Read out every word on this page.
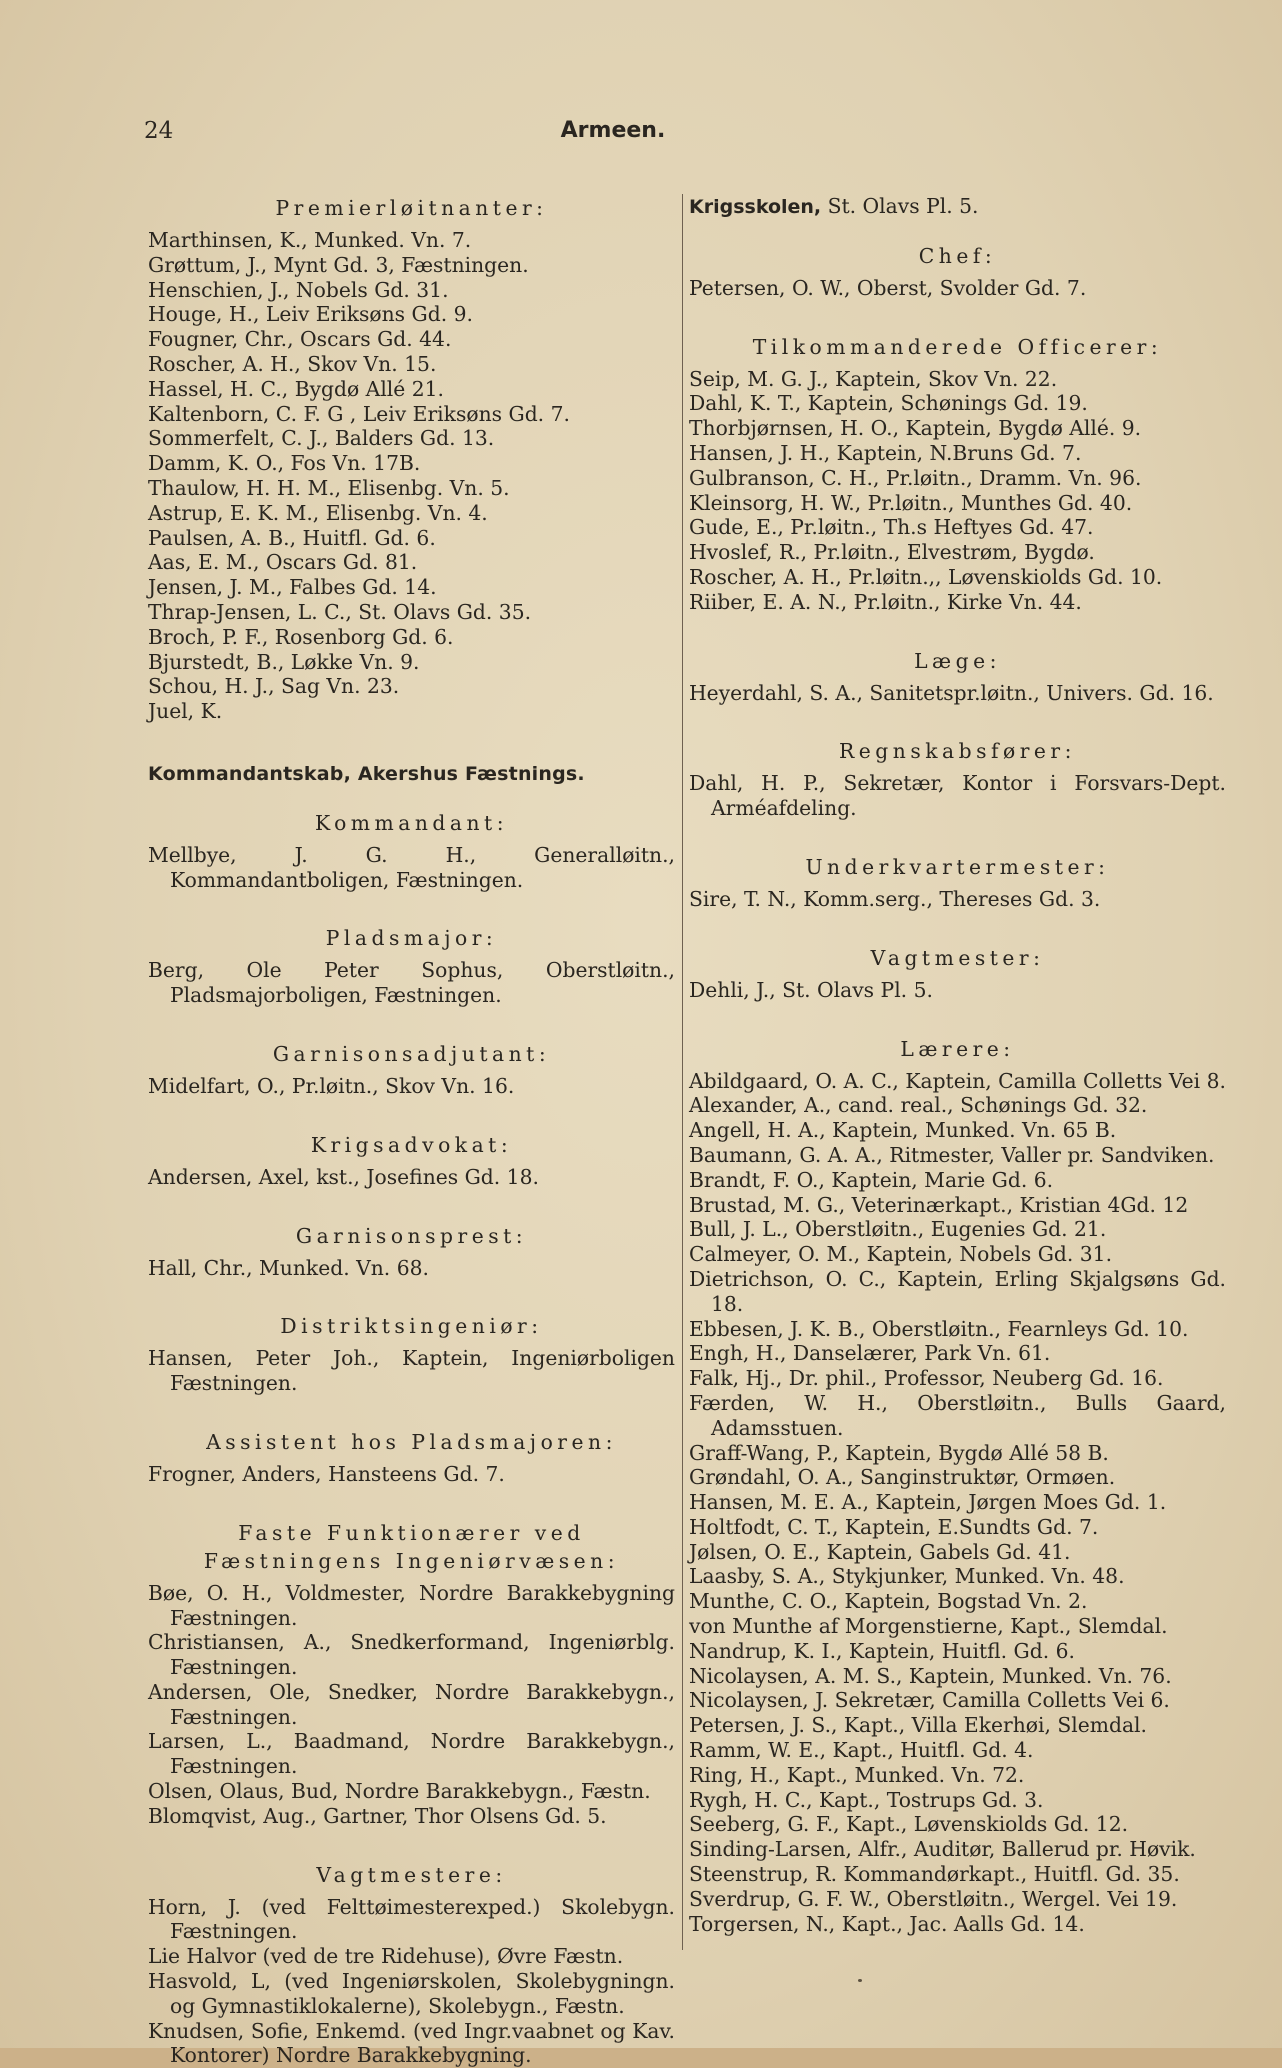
24	Armeen.
Premierløitnanter:
Marthinsen, K., Munked. Vn. 7.
Grøttum, J., Mynt Gd. 3, Fæstningen.
Henschien, J., Nobels Gd. 31.
Houge, H., Leiv Eriksøns Gd. 9.
Fougner, Chr., Oscars Gd. 44.
Roscher, A. H., Skov Vn. 15.
Hassel, H. C., Bygdø Allé 21.
Kaltenborn, C. F. G , Leiv Eriksøns Gd. 7.
Sommerfelt, C. J., Balders Gd. 13.
Damm, K. O., Fos Vn. 17B.
Thaulow, H. H. M., Elisenbg. Vn. 5.
Astrup, E. K. M., Elisenbg. Vn. 4.
Paulsen, A. B., Huitfl. Gd. 6.
Aas, E. M., Oscars Gd. 81.
Jensen, J. M., Falbes Gd. 14.
Thrap-Jensen, L. C., St. Olavs Gd. 35.
Broch, P. F., Rosenborg Gd. 6.
Bjurstedt, B., Løkke Vn. 9.
Schou, H. J., Sag Vn. 23.
Juel, K.
Kommandantskab, Akershus Fæstnings.
Kommandant:
Mellbye, J. G. H., Generalløitn., Kommandantboligen, Fæstningen.
Pladsmajor:
Berg, Ole Peter Sophus, Oberstløitn., Pladsmajorboligen, Fæstningen.
Garnisonsadjutant:
Midelfart, O., Pr.løitn., Skov Vn. 16.
Krigsadvokat:
Andersen, Axel, kst., Josefines Gd. 18.
Garnisonsprest:
Hall, Chr., Munked. Vn. 68.
Distriktsingeniør:
Hansen, Peter Joh., Kaptein, Ingeniørboligen Fæstningen.
Assistent hos Pladsmajoren:
Frogner, Anders, Hansteens Gd. 7.
Faste Funktionærer ved Fæstningens Ingeniørvæsen:
Bøe, O. H., Voldmester, Nordre Barakkebygning Fæstningen.
Christiansen, A., Snedkerformand, Ingeniørblg. Fæstningen.
Andersen, Ole, Snedker, Nordre Barakkebygn., Fæstningen.
Larsen, L., Baadmand, Nordre Barakkebygn., Fæstningen.
Olsen, Olaus, Bud, Nordre Barakkebygn., Fæstn.
Blomqvist, Aug., Gartner, Thor Olsens Gd. 5.
Vagtmestere:
Horn, J. (ved Felttøimesterexped.) Skolebygn. Fæstningen.
Lie Halvor (ved de tre Ridehuse), Øvre Fæstn.
Hasvold, L, (ved Ingeniørskolen, Skolebygningn. og Gymnastiklokalerne), Skolebygn., Fæstn.
Knudsen, Sofie, Enkemd. (ved Ingr.vaabnet og Kav. Kontorer) Nordre Barakkebygning.
Krigsskolen, St. Olavs Pl. 5.
Chef:
Petersen, O. W., Oberst, Svolder Gd. 7.
Tilkommanderede Officerer:
Seip, M. G. J., Kaptein, Skov Vn. 22.
Dahl, K. T., Kaptein, Schønings Gd. 19.
Thorbjørnsen, H. O., Kaptein, Bygdø Allé. 9.
Hansen, J. H., Kaptein, N.Bruns Gd. 7.
Gulbranson, C. H., Pr.løitn., Dramm. Vn. 96.
Kleinsorg, H. W., Pr.løitn., Munthes Gd. 40.
Gude, E., Pr.løitn., Th.s Heftyes Gd. 47.
Hvoslef, R., Pr.løitn., Elvestrøm, Bygdø.
Roscher, A. H., Pr.løitn.,, Løvenskiolds Gd. 10.
Riiber, E. A. N., Pr.løitn., Kirke Vn. 44.
Læge:
Heyerdahl, S. A., Sanitetspr.løitn., Univers. Gd. 16.
Regnskabsfører:
Dahl, H. P., Sekretær, Kontor i Forsvars-Dept. Arméafdeling.
Underkvartermester:
Sire, T. N., Komm.serg., Thereses Gd. 3.
Vagtmester:
Dehli, J., St. Olavs Pl. 5.
Lærere:
Abildgaard, O. A. C., Kaptein, Camilla Colletts Vei 8.
Alexander, A., cand. real., Schønings Gd. 32.
Angell, H. A., Kaptein, Munked. Vn. 65 B.
Baumann, G. A. A., Ritmester, Valler pr. Sandviken.
Brandt, F. O., Kaptein, Marie Gd. 6.
Brustad, M. G., Veterinærkapt., Kristian 4Gd. 12
Bull, J. L., Oberstløitn., Eugenies Gd. 21.
Calmeyer, O. M., Kaptein, Nobels Gd. 31.
Dietrichson, O. C., Kaptein, Erling Skjalgsøns Gd. 18.
Ebbesen, J. K. B., Oberstløitn., Fearnleys Gd. 10.
Engh, H., Danselærer, Park Vn. 61.
Falk, Hj., Dr. phil., Professor, Neuberg Gd. 16.
Færden, W. H., Oberstløitn., Bulls Gaard, Adamsstuen.
Graff-Wang, P., Kaptein, Bygdø Allé 58 B.
Grøndahl, O. A., Sanginstruktør, Ormøen.
Hansen, M. E. A., Kaptein, Jørgen Moes Gd. 1.
Holtfodt, C. T., Kaptein, E.Sundts Gd. 7.
Jølsen, O. E., Kaptein, Gabels Gd. 41.
Laasby, S. A., Stykjunker, Munked. Vn. 48.
Munthe, C. O., Kaptein, Bogstad Vn. 2.
von Munthe af Morgenstierne, Kapt., Slemdal.
Nandrup, K. I., Kaptein, Huitfl. Gd. 6.
Nicolaysen, A. M. S., Kaptein, Munked. Vn. 76.
Nicolaysen, J. Sekretær, Camilla Colletts Vei 6.
Petersen, J. S., Kapt., Villa Ekerhøi, Slemdal.
Ramm, W. E., Kapt., Huitfl. Gd. 4.
Ring, H., Kapt., Munked. Vn. 72.
Rygh, H. C., Kapt., Tostrups Gd. 3.
Seeberg, G. F., Kapt., Løvenskiolds Gd. 12.
Sinding-Larsen, Alfr., Auditør, Ballerud pr. Høvik.
Steenstrup, R. Kommandørkapt., Huitfl. Gd. 35.
Sverdrup, G. F. W., Oberstløitn., Wergel. Vei 19.
Torgersen, N., Kapt., Jac. Aalls Gd. 14.
